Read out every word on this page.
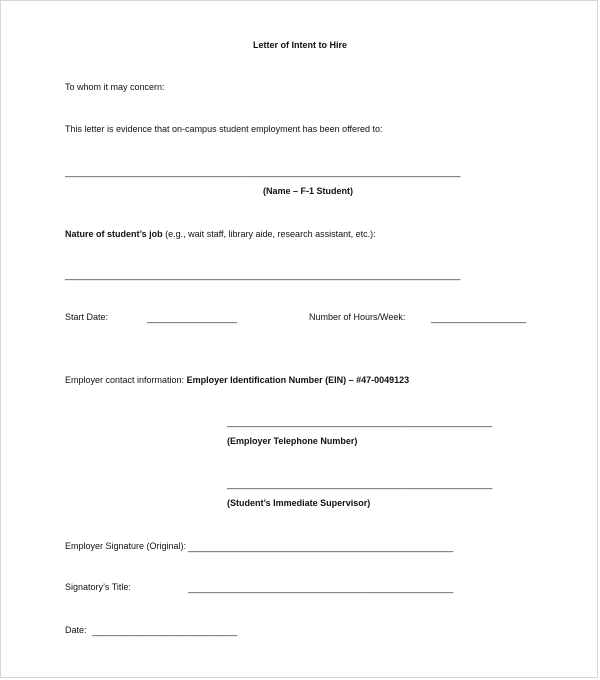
Letter of Intent to Hire
To whom it may concern:
This letter is evidence that on-campus student employment has been offered to:
_______________________________________________________________________________
(Name – F-1 Student)
Nature of student’s job (e.g., wait staff, library aide, research assistant, etc.):
_______________________________________________________________________________
Start Date:	__________________	Number of Hours/Week:	___________________
Employer contact information: Employer Identification Number (EIN) – #47-0049123
_____________________________________________________
(Employer Telephone Number)
_____________________________________________________
(Student’s Immediate Supervisor)
Employer Signature (Original): _____________________________________________________
Signatory’s Title:	_____________________________________________________
Date: _____________________________
